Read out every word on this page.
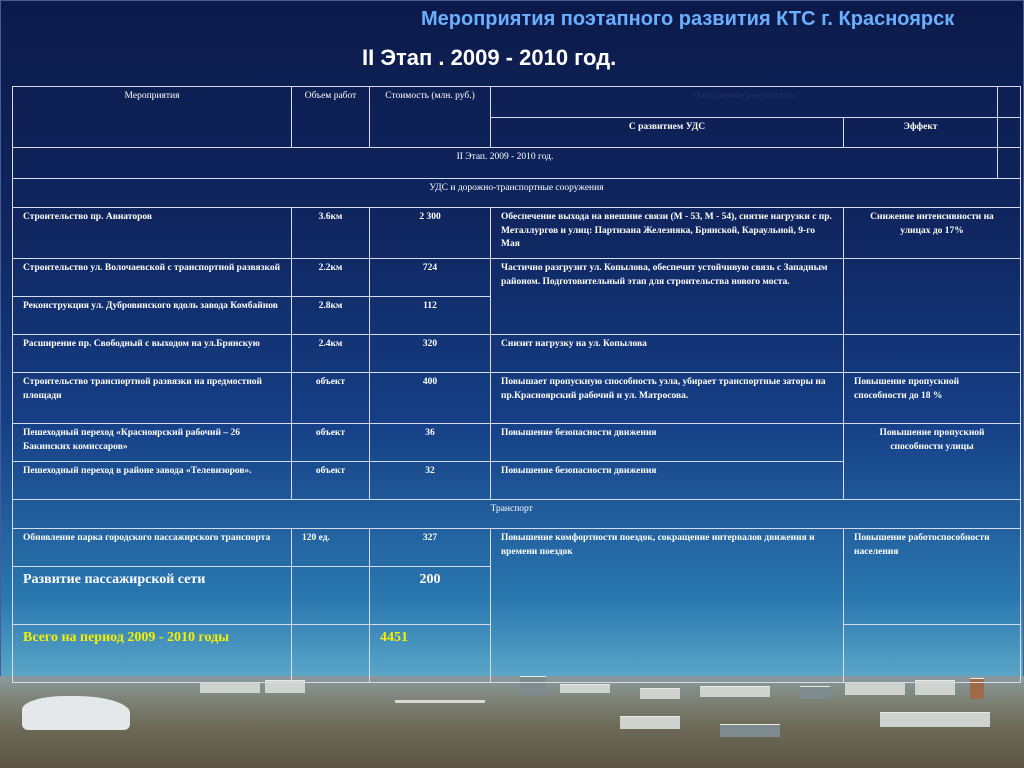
Мероприятия поэтапного развития КТС г. Красноярск
II Этап . 2009 - 2010 год.
Мероприятия	Объем работ	Стоимость (млн. руб.)	Ожидаемые результаты		
			С развитием УДС	Эффект	
II Этап. 2009 - 2010 год.					
УДС и дорожно-транспортные сооружения					
Строительство пр. Авиаторов	3.6км	2 300	Обеспечение выхода на внешние связи (М - 53, М - 54), снятие нагрузки с пр. Металлургов и улиц: Партизана Железняка, Брянской, Караульной, 9-го Мая	Снижение интенсивности на улицах до 17%	
Строительство ул. Волочаевской с транспортной развязкой	2.2км	724	Частично разгрузит ул. Копылова, обеспечит устойчивую связь с Западным районом. Подготовительный этап для строительства нового моста.		
Реконструкция ул. Дубровинского вдоль завода Комбайнов	2.8км	112			
Расширение пр. Свободный с выходом на ул.Брянскую	2.4км	320	Снизит нагрузку на ул. Копылова		
Строительство транспортной развязки на предмостной площади	объект	400	Повышает пропускную способность узла, убирает транспортные заторы на пр.Красноярский рабочий и ул. Матросова.	Повышение пропускной способности до 18 %	
Пешеходный переход «Красноярский рабочий – 26 Бакинских комиссаров»	объект	36	Повышение безопасности движения	Повышение пропускной способности улицы	
Пешеходный переход в районе завода «Телевизоров».	объект	32	Повышение безопасности движения		
			Транспорт		
Обновление парка городского пассажирского транспорта	120 ед.	327	Повышение комфортности поездок, сокращение интервалов движения и времени поездок	Повышение работоспособности населения	
Развитие пассажирской сети		200			
Всего на период 2009 - 2010 годы		4451			
